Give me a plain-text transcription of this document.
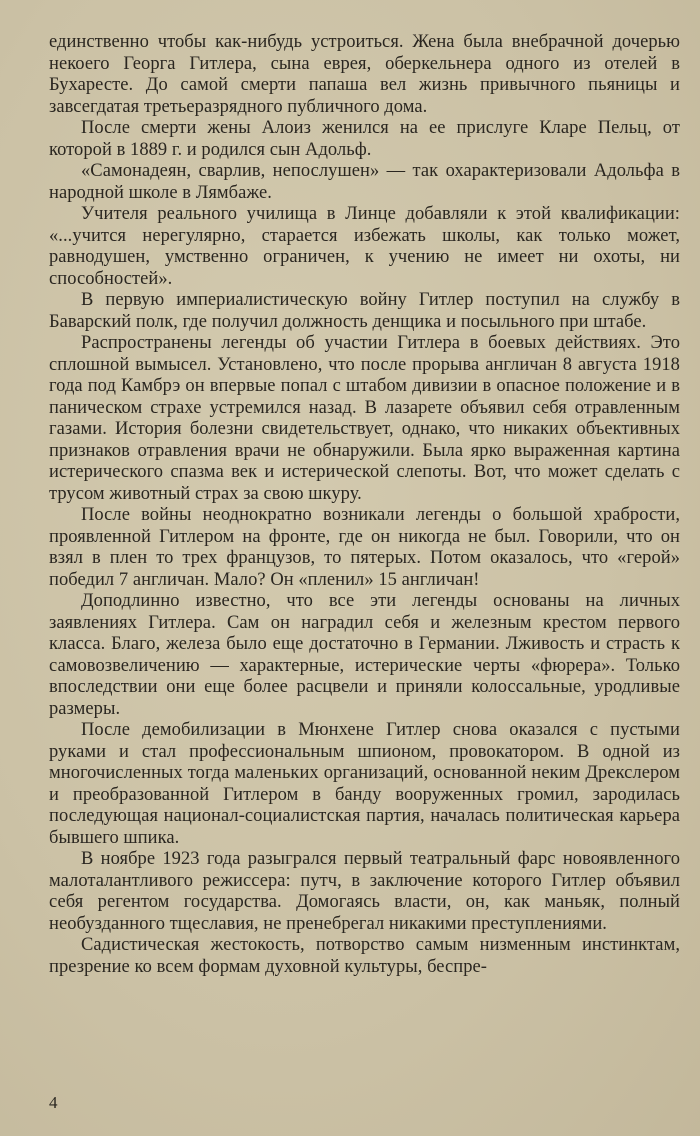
единственно чтобы как-нибудь устроиться. Жена была внебрачной дочерью некоего Георга Гитлера, сына еврея, оберкельнера одного из отелей в Бухаресте. До самой смерти папаша вел жизнь привычного пьяницы и завсегдатая третьеразрядного публичного дома.

После смерти жены Алоиз женился на ее прислуге Кларе Пельц, от которой в 1889 г. и родился сын Адольф.

«Самонадеян, сварлив, непослушен» — так охарактеризовали Адольфа в народной школе в Лямбаже.

Учителя реального училища в Линце добавляли к этой квалификации: «...учится нерегулярно, старается избежать школы, как только может, равнодушен, умственно ограничен, к учению не имеет ни охоты, ни способностей».

В первую империалистическую войну Гитлер поступил на службу в Баварский полк, где получил должность денщика и посыльного при штабе.

Распространены легенды об участии Гитлера в боевых действиях. Это сплошной вымысел. Установлено, что после прорыва англичан 8 августа 1918 года под Камбрэ он впервые попал с штабом дивизии в опасное положение и в паническом страхе устремился назад. В лазарете объявил себя отравленным газами. История болезни свидетельствует, однако, что никаких объективных признаков отравления врачи не обнаружили. Была ярко выраженная картина истерического спазма век и истерической слепоты. Вот, что может сделать с трусом животный страх за свою шкуру.

После войны неоднократно возникали легенды о большой храбрости, проявленной Гитлером на фронте, где он никогда не был. Говорили, что он взял в плен то трех французов, то пятерых. Потом оказалось, что «герой» победил 7 англичан. Мало? Он «пленил» 15 англичан!

Доподлинно известно, что все эти легенды основаны на личных заявлениях Гитлера. Сам он наградил себя и железным крестом первого класса. Благо, железа было еще достаточно в Германии. Лживость и страсть к самовозвеличению — характерные, истерические черты «фюрера». Только впоследствии они еще более расцвели и приняли колоссальные, уродливые размеры.

После демобилизации в Мюнхене Гитлер снова оказался с пустыми руками и стал профессиональным шпионом, провокатором. В одной из многочисленных тогда маленьких организаций, основанной неким Дрекслером и преобразованной Гитлером в банду вооруженных громил, зародилась последующая национал-социалистская партия, началась политическая карьера бывшего шпика.

В ноябре 1923 года разыгрался первый театральный фарс новоявленного малоталантливого режиссера: путч, в заключение которого Гитлер объявил себя регентом государства. Домогаясь власти, он, как маньяк, полный необузданного тщеславия, не пренебрегал никакими преступлениями.

Садистическая жестокость, потворство самым низменным инстинктам, презрение ко всем формам духовной культуры, беспре-

4
